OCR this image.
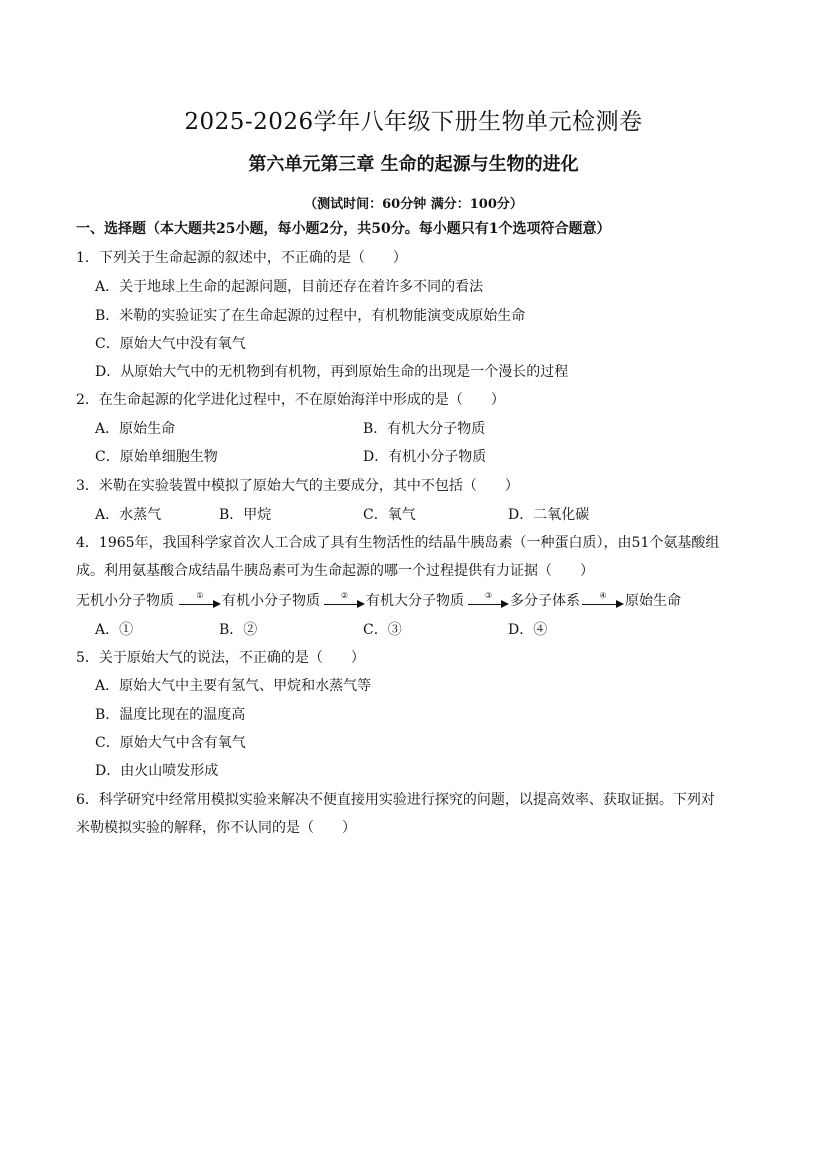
2025-2026学年八年级下册生物单元检测卷
第六单元第三章 生命的起源与生物的进化
（测试时间：60分钟 满分：100分）
一、选择题（本大题共25小题，每小题2分，共50分。每小题只有1个选项符合题意）
1．下列关于生命起源的叙述中，不正确的是（　　）
A．关于地球上生命的起源问题，目前还存在着许多不同的看法
B．米勒的实验证实了在生命起源的过程中，有机物能演变成原始生命
C．原始大气中没有氧气
D．从原始大气中的无机物到有机物，再到原始生命的出现是一个漫长的过程
2．在生命起源的化学进化过程中，不在原始海洋中形成的是（　　）
A．原始生命	B．有机大分子物质
C．原始单细胞生物	D．有机小分子物质
3．米勒在实验装置中模拟了原始大气的主要成分，其中不包括（　　）
A．水蒸气	B．甲烷	C．氧气	D．二氧化碳
4．1965年，我国科学家首次人工合成了具有生物活性的结晶牛胰岛素（一种蛋白质），由51个氨基酸组
成。利用氨基酸合成结晶牛胰岛素可为生命起源的哪一个过程提供有力证据（　　）
无机小分子物质	①	有机小分子物质	②	有机大分子物质	③	多分子体系	④	原始生命
A．①	B．②	C．③	D．④
5．关于原始大气的说法，不正确的是（　　）
A．原始大气中主要有氢气、甲烷和水蒸气等
B．温度比现在的温度高
C．原始大气中含有氧气
D．由火山喷发形成
6．科学研究中经常用模拟实验来解决不便直接用实验进行探究的问题，以提高效率、获取证据。下列对
米勒模拟实验的解释，你不认同的是（　　）
